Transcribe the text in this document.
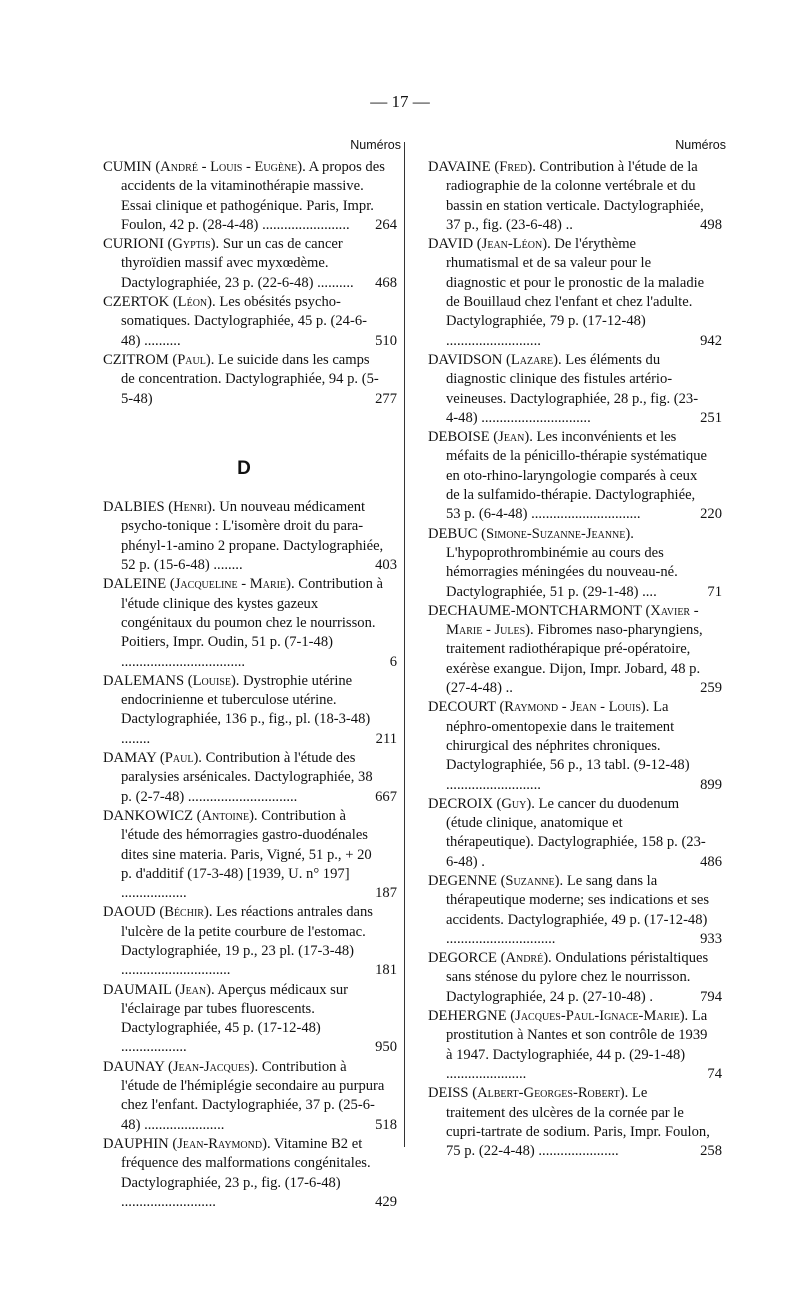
— 17 —
Numéros
CUMIN (André - Louis - Eugène). A propos des accidents de la vitaminothérapie massive. Essai clinique et pathogénique. Paris, Impr. Foulon, 42 p. (28-4-48) ........................ 264
CURIONI (Gyptis). Sur un cas de cancer thyroïdien massif avec myxœdème. Dactylographiée, 23 p. (22-6-48) .......... 468
CZERTOK (Léon). Les obésités psycho-somatiques. Dactylographiée, 45 p. (24-6-48) ..........	510
CZITROM (Paul). Le suicide dans les camps de concentration. Dactylographiée, 94 p. (5-5-48)	277
D
DALBIES (Henri). Un nouveau médicament psycho-tonique : L'isomère droit du para-phényl-1-amino 2 propane. Dactylographiée, 52 p. (15-6-48) ........	403
DALEINE (Jacqueline - Marie). Contribution à l'étude clinique des kystes gazeux congénitaux du poumon chez le nourrisson. Poitiers, Impr. Oudin, 51 p. (7-1-48) ..................................	6
DALEMANS (Louise). Dystrophie utérine endocrinienne et tuberculose utérine. Dactylographiée, 136 p., fig., pl. (18-3-48) ........	211
DAMAY (Paul). Contribution à l'étude des paralysies arsénicales. Dactylographiée, 38 p. (2-7-48) ..............................	667
DANKOWICZ (Antoine). Contribution à l'étude des hémorragies gastro-duodénales dites sine materia. Paris, Vigné, 51 p., + 20 p. d'additif (17-3-48) [1939, U. n° 197] ..................	187
DAOUD (Béchir). Les réactions antrales dans l'ulcère de la petite courbure de l'estomac. Dactylographiée, 19 p., 23 pl. (17-3-48) ..............................	181
DAUMAIL (Jean). Aperçus médicaux sur l'éclairage par tubes fluorescents. Dactylographiée, 45 p. (17-12-48) ..................	950
DAUNAY (Jean-Jacques). Contribution à l'étude de l'hémiplégie secondaire au purpura chez l'enfant. Dactylographiée, 37 p. (25-6-48) ......................	518
DAUPHIN (Jean-Raymond). Vitamine B2 et fréquence des malformations congénitales. Dactylographiée, 23 p., fig. (17-6-48) ..........................	429
Numéros
DAVAINE (Fred). Contribution à l'étude de la radiographie de la colonne vertébrale et du bassin en station verticale. Dactylographiée, 37 p., fig. (23-6-48) ..	498
DAVID (Jean-Léon). De l'érythème rhumatismal et de sa valeur pour le diagnostic et pour le pronostic de la maladie de Bouillaud chez l'enfant et chez l'adulte. Dactylographiée, 79 p. (17-12-48) ..........................	942
DAVIDSON (Lazare). Les éléments du diagnostic clinique des fistules artério-veineuses. Dactylographiée, 28 p., fig. (23-4-48) ..............................	251
DEBOISE (Jean). Les inconvénients et les méfaits de la pénicillo-thérapie systématique en oto-rhino-laryngologie comparés à ceux de la sulfamido-thérapie. Dactylographiée, 53 p. (6-4-48) ..............................	220
DEBUC (Simone-Suzanne-Jeanne). L'hypoprothrombinémie au cours des hémorragies méningées du nouveau-né. Dactylographiée, 51 p. (29-1-48) ....	71
DECHAUME-MONTCHARMONT (Xavier - Marie - Jules). Fibromes naso-pharyngiens, traitement radiothérapique pré-opératoire, exérèse exangue. Dijon, Impr. Jobard, 48 p. (27-4-48) ..	259
DECOURT (Raymond - Jean - Louis). La néphro-omentopexie dans le traitement chirurgical des néphrites chroniques. Dactylographiée, 56 p., 13 tabl. (9-12-48) ..........................	899
DECROIX (Guy). Le cancer du duodenum (étude clinique, anatomique et thérapeutique). Dactylographiée, 158 p. (23-6-48) .	486
DEGENNE (Suzanne). Le sang dans la thérapeutique moderne; ses indications et ses accidents. Dactylographiée, 49 p. (17-12-48) ..............................	933
DEGORCE (André). Ondulations péristaltiques sans sténose du pylore chez le nourrisson. Dactylographiée, 24 p. (27-10-48) .	794
DEHERGNE (Jacques-Paul-Ignace-Marie). La prostitution à Nantes et son contrôle de 1939 à 1947. Dactylographiée, 44 p. (29-1-48) ......................	74
DEISS (Albert-Georges-Robert). Le traitement des ulcères de la cornée par le cupri-tartrate de sodium. Paris, Impr. Foulon, 75 p. (22-4-48) ......................	258
